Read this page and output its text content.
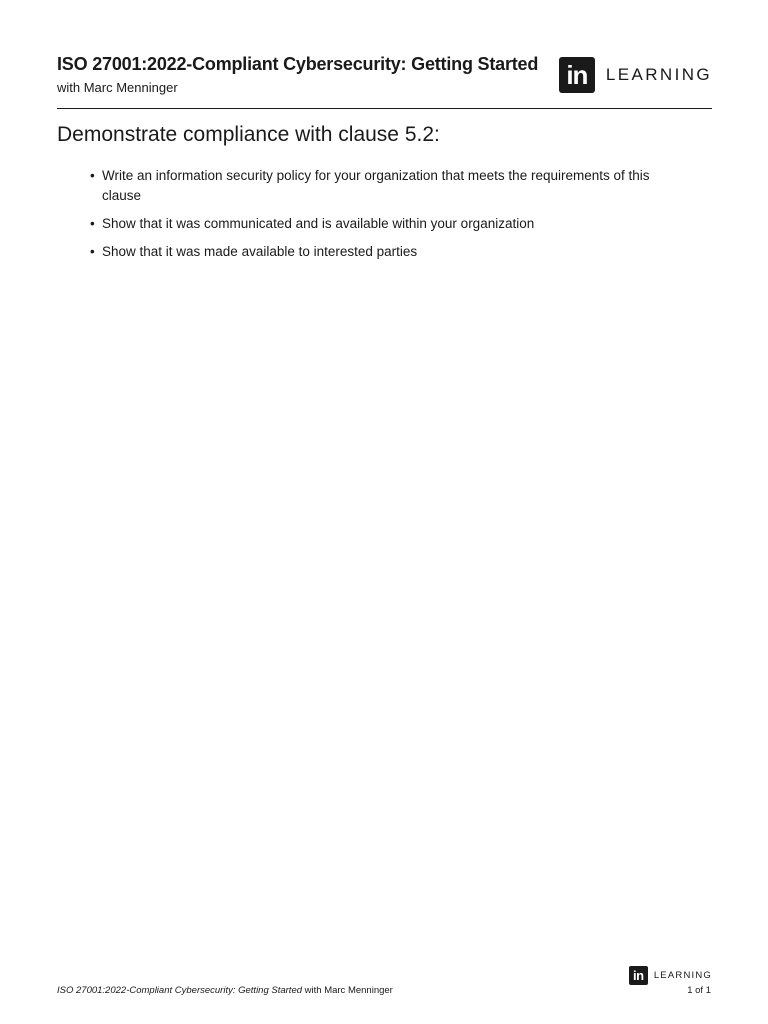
ISO 27001:2022-Compliant Cybersecurity: Getting Started
with Marc Menninger	in	LEARNING
Demonstrate compliance with clause 5.2:
• Write an information security policy for your organization that meets the requirements of this clause
• Show that it was communicated and is available within your organization
• Show that it was made available to interested parties
ISO 27001:2022-Compliant Cybersecurity: Getting Started with Marc Menninger
in	LEARNING
1 of 1
